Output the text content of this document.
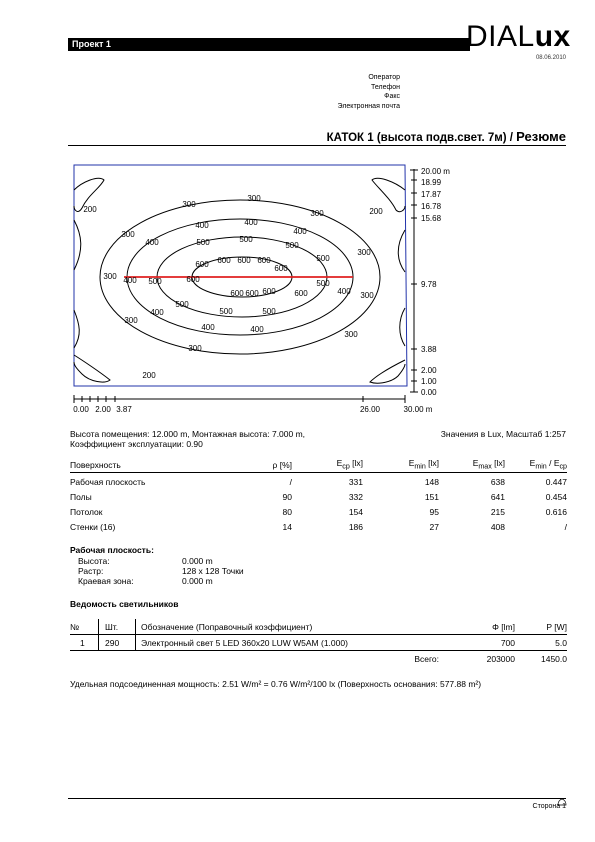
Проект 1	DIALux
08.06.2010
Оператор
Телефон
Факс
Электронная почта
КАТОК 1 (высота подв.свет. 7м) / Резюме
200	200
200
300
300
300
300
300
300
300
300
300
300
400
400	400
400
400
400
400
400	400
500	500
500
500
500
500
500
500	500
600 600 600 600
600
600
600 600 600 600
20.00 m
18.99
17.87
16.78
15.68
9.78
3.88
2.00
1.00
0.00
0.00 2.00 3.87	26.00	30.00 m
Высота помещения: 12.000 m, Монтажная высота: 7.000 m,
Коэффициент эксплуатации: 0.90
Значения в Lux, Масштаб 1:257
Поверхность	ρ [%]	$E_{cp}$ [lx]	$E_{min}$ [lx]	$E_{max}$ [lx]	$E_{min} / E_{cp}$

Рабочая плоскость	/	331	148	638	0.447
Полы	90	332	151	641	0.454
Потолок	80	154	95	215	0.616
Стенки (16)	14	186	27	408	/
Рабочая плоскость:
Высота:	0.000 m
Растр:	128 x 128 Точки
Краевая зона:	0.000 m
Ведомость светильников
№	Шт.	Обозначение (Поправочный коэффициент)	Φ [lm]	P [W]
1	290	Электронный свет 5 LED 360x20 LUW W5AM (1.000)	700	5.0
Всего:			203000	1450.0
Удельная подсоединенная мощность: 2.51 W/m² = 0.76 W/m²/100 lx (Поверхность основания: 577.88 m²)
Сторона 1
